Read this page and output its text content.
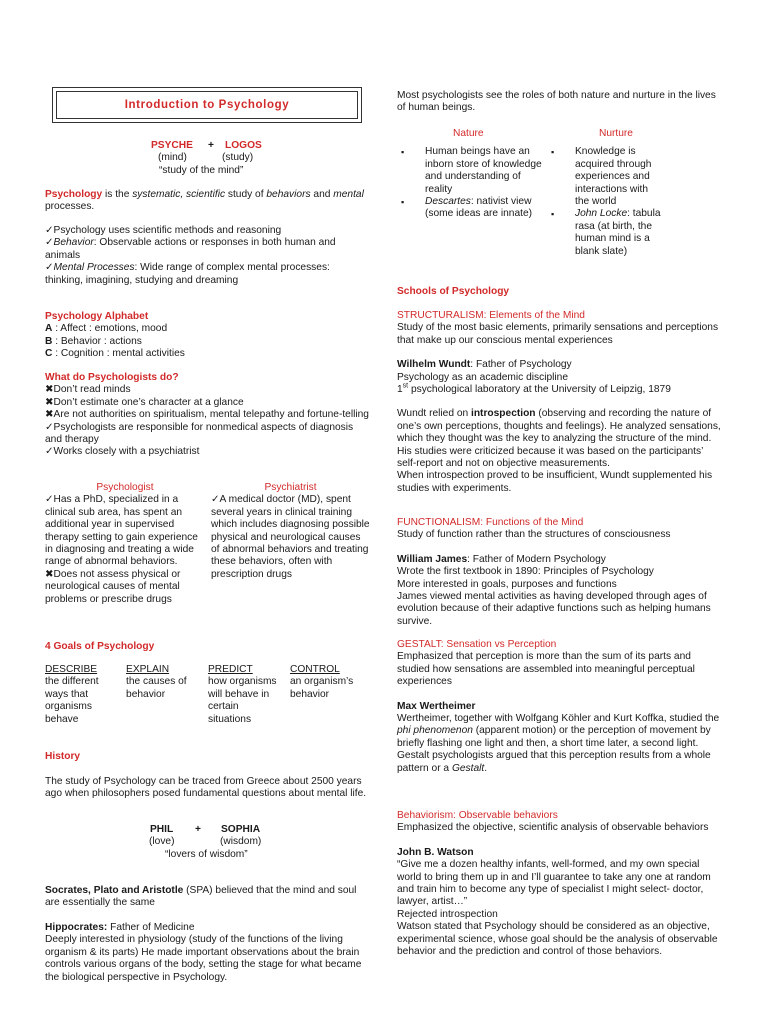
Introduction to Psychology
PSYCHE + LOGOS
(mind)	(study)
“study of the mind”

Psychology is the systematic, scientific study of behaviors and mental processes.

✓Psychology uses scientific methods and reasoning

✓Behavior: Observable actions or responses in both human and animals

✓Mental Processes: Wide range of complex mental processes: thinking, imagining, studying and dreaming

Psychology Alphabet

A : Affect : emotions, mood

B : Behavior : actions

C : Cognition : mental activities

What do Psychologists do?

✖Don’t read minds

✖Don’t estimate one’s character at a glance

✖Are not authorities on spiritualism, mental telepathy and fortune-telling

✓Psychologists are responsible for nonmedical aspects of diagnosis and therapy

✓Works closely with a psychiatrist

Psychologist

✓Has a PhD, specialized in a clinical sub area, has spent an additional year in supervised therapy setting to gain experience in diagnosing and treating a wide range of abnormal behaviors.

✖Does not assess physical or neurological causes of mental problems or prescribe drugs

Psychiatrist

✓A medical doctor (MD), spent several years in clinical training which includes diagnosing possible physical and neurological causes of abnormal behaviors and treating these behaviors, often with prescription drugs

4 Goals of Psychology

DESCRIBE

the different ways that organisms behave

EXPLAIN

the causes of behavior

PREDICT

how organisms will behave in certain situations

CONTROL

an organism’s behavior

History

The study of Psychology can be traced from Greece about 2500 years ago when philosophers posed fundamental questions about mental life.

PHIL + SOPHIA
(love)	(wisdom)
“lovers of wisdom”

Socrates, Plato and Aristotle (SPA) believed that the mind and soul are essentially the same

Hippocrates: Father of Medicine

Deeply interested in physiology (study of the functions of the living organism & its parts) He made important observations about the brain controls various organs of the body, setting the stage for what became the biological perspective in Psychology.

Most psychologists see the roles of both nature and nurture in the lives of human beings.

Nature

▪ Human beings have an inborn store of knowledge and understanding of reality
▪ Descartes: nativist view (some ideas are innate)

Nurture

▪ Knowledge is acquired through experiences and interactions with the world
▪ John Locke: tabula rasa (at birth, the human mind is a blank slate)

Schools of Psychology

STRUCTURALISM: Elements of the Mind

Study of the most basic elements, primarily sensations and perceptions that make up our conscious mental experiences

Wilhelm Wundt: Father of Psychology

Psychology as an academic discipline

1st psychological laboratory at the University of Leipzig, 1879

Wundt relied on introspection (observing and recording the nature of one’s own perceptions, thoughts and feelings). He analyzed sensations, which they thought was the key to analyzing the structure of the mind. His studies were criticized because it was based on the participants’ self-report and not on objective measurements.

When introspection proved to be insufficient, Wundt supplemented his studies with experiments.

FUNCTIONALISM: Functions of the Mind

Study of function rather than the structures of consciousness

William James: Father of Modern Psychology

Wrote the first textbook in 1890: Principles of Psychology

More interested in goals, purposes and functions

James viewed mental activities as having developed through ages of evolution because of their adaptive functions such as helping humans survive.

GESTALT: Sensation vs Perception

Emphasized that perception is more than the sum of its parts and studied how sensations are assembled into meaningful perceptual experiences

Max Wertheimer

Wertheimer, together with Wolfgang Köhler and Kurt Koffka, studied the phi phenomenon (apparent motion) or the perception of movement by briefly flashing one light and then, a short time later, a second light.

Gestalt psychologists argued that this perception results from a whole pattern or a Gestalt.

Behaviorism: Observable behaviors

Emphasized the objective, scientific analysis of observable behaviors

John B. Watson

“Give me a dozen healthy infants, well-formed, and my own special world to bring them up in and I’ll guarantee to take any one at random and train him to become any type of specialist I might select- doctor, lawyer, artist…”

Rejected introspection

Watson stated that Psychology should be considered as an objective, experimental science, whose goal should be the analysis of observable behavior and the prediction and control of those behaviors.
